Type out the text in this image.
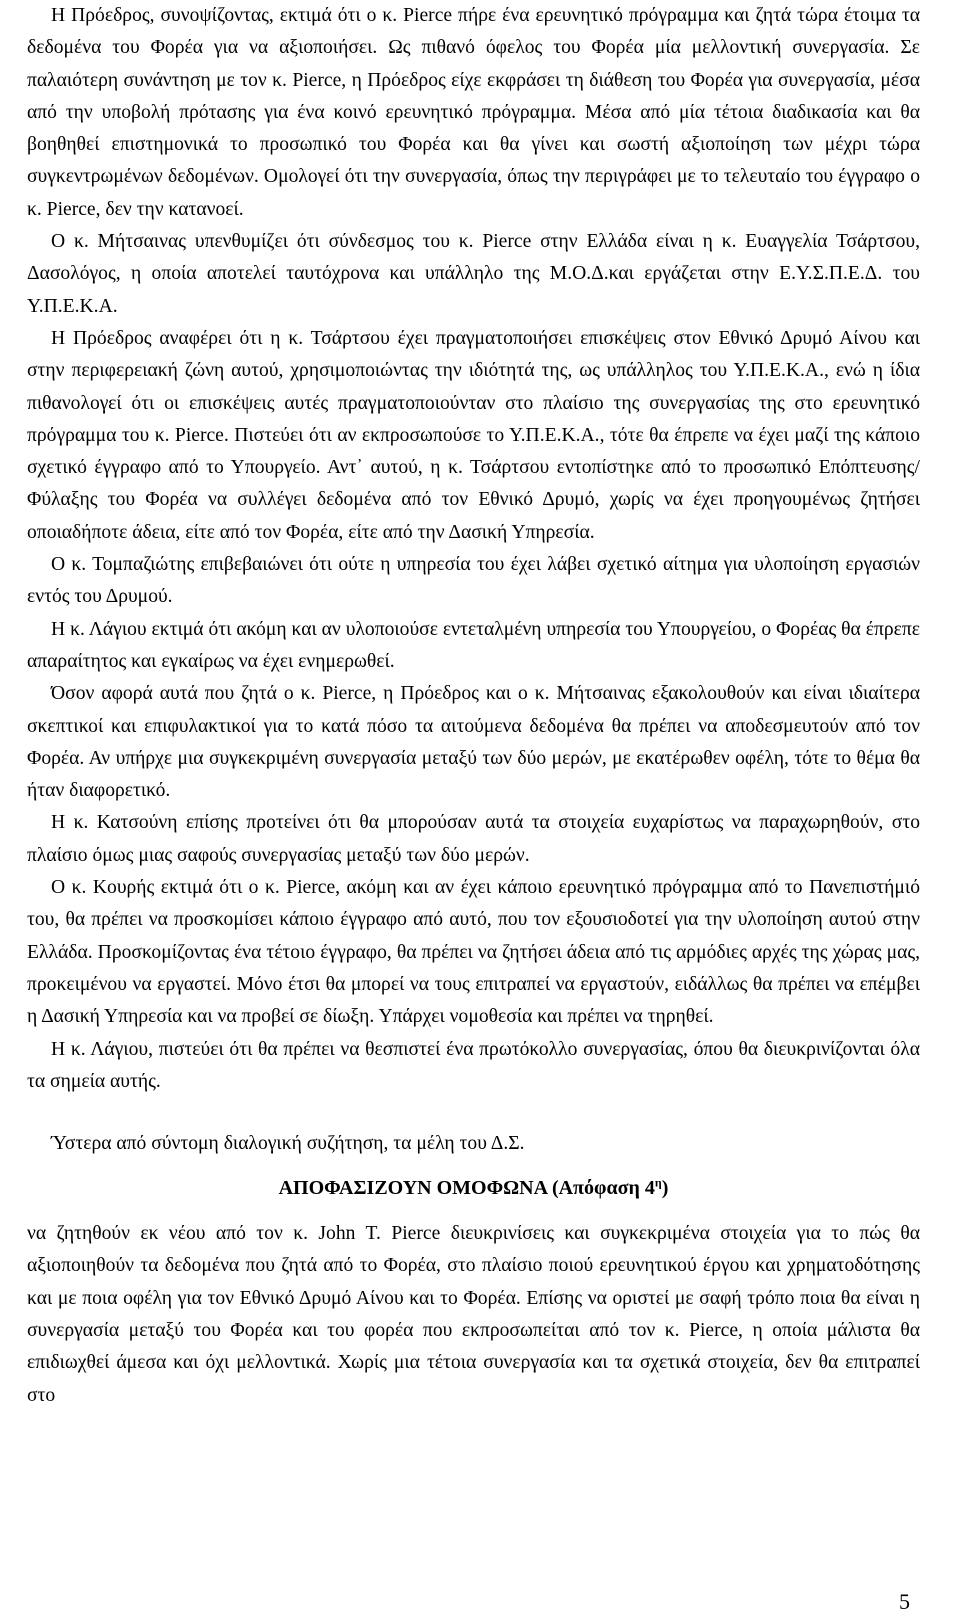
Η Πρόεδρος, συνοψίζοντας, εκτιμά ότι ο κ. Pierce πήρε ένα ερευνητικό πρόγραμμα και ζητά τώρα έτοιμα τα δεδομένα του Φορέα για να αξιοποιήσει. Ως πιθανό όφελος του Φορέα μία μελλοντική συνεργασία. Σε παλαιότερη συνάντηση με τον κ. Pierce, η Πρόεδρος είχε εκφράσει τη διάθεση του Φορέα για συνεργασία, μέσα από την υποβολή πρότασης για ένα κοινό ερευνητικό πρόγραμμα. Μέσα από μία τέτοια διαδικασία και θα βοηθηθεί επιστημονικά το προσωπικό του Φορέα και θα γίνει και σωστή αξιοποίηση των μέχρι τώρα συγκεντρωμένων δεδομένων. Ομολογεί ότι την συνεργασία, όπως την περιγράφει με το τελευταίο του έγγραφο ο κ. Pierce, δεν την κατανοεί.

Ο κ. Μήτσαινας υπενθυμίζει ότι σύνδεσμος του κ. Pierce στην Ελλάδα είναι η κ. Ευαγγελία Τσάρτσου, Δασολόγος, η οποία αποτελεί ταυτόχρονα και υπάλληλο της Μ.Ο.Δ.και εργάζεται στην Ε.Υ.Σ.Π.Ε.Δ. του Υ.Π.Ε.Κ.Α.

Η Πρόεδρος αναφέρει ότι η κ. Τσάρτσου έχει πραγματοποιήσει επισκέψεις στον Εθνικό Δρυμό Αίνου και στην περιφερειακή ζώνη αυτού, χρησιμοποιώντας την ιδιότητά της, ως υπάλληλος του Υ.Π.Ε.Κ.Α., ενώ η ίδια πιθανολογεί ότι οι επισκέψεις αυτές πραγματοποιούνταν στο πλαίσιο της συνεργασίας της στο ερευνητικό πρόγραμμα του κ. Pierce. Πιστεύει ότι αν εκπροσωπούσε το Υ.Π.Ε.Κ.Α., τότε θα έπρεπε να έχει μαζί της κάποιο σχετικό έγγραφο από το Υπουργείο. Αντ᾽ αυτού, η κ. Τσάρτσου εντοπίστηκε από το προσωπικό Επόπτευσης/Φύλαξης του Φορέα να συλλέγει δεδομένα από τον Εθνικό Δρυμό, χωρίς να έχει προηγουμένως ζητήσει οποιαδήποτε άδεια, είτε από τον Φορέα, είτε από την Δασική Υπηρεσία.

Ο κ. Τομπαζιώτης επιβεβαιώνει ότι ούτε η υπηρεσία του έχει λάβει σχετικό αίτημα για υλοποίηση εργασιών εντός του Δρυμού.

Η κ. Λάγιου εκτιμά ότι ακόμη και αν υλοποιούσε εντεταλμένη υπηρεσία του Υπουργείου, ο Φορέας θα έπρεπε απαραίτητος και εγκαίρως να έχει ενημερωθεί.

Όσον αφορά αυτά που ζητά ο κ. Pierce, η Πρόεδρος και ο κ. Μήτσαινας εξακολουθούν και είναι ιδιαίτερα σκεπτικοί και επιφυλακτικοί για το κατά πόσο τα αιτούμενα δεδομένα θα πρέπει να αποδεσμευτούν από τον Φορέα. Αν υπήρχε μια συγκεκριμένη συνεργασία μεταξύ των δύο μερών, με εκατέρωθεν οφέλη, τότε το θέμα θα ήταν διαφορετικό.

Η κ. Κατσούνη επίσης προτείνει ότι θα μπορούσαν αυτά τα στοιχεία ευχαρίστως να παραχωρηθούν, στο πλαίσιο όμως μιας σαφούς συνεργασίας μεταξύ των δύο μερών.

Ο κ. Κουρής εκτιμά ότι ο κ. Pierce, ακόμη και αν έχει κάποιο ερευνητικό πρόγραμμα από το Πανεπιστήμιό του, θα πρέπει να προσκομίσει κάποιο έγγραφο από αυτό, που τον εξουσιοδοτεί για την υλοποίηση αυτού στην Ελλάδα. Προσκομίζοντας ένα τέτοιο έγγραφο, θα πρέπει να ζητήσει άδεια από τις αρμόδιες αρχές της χώρας μας, προκειμένου να εργαστεί. Μόνο έτσι θα μπορεί να τους επιτραπεί να εργαστούν, ειδάλλως θα πρέπει να επέμβει η Δασική Υπηρεσία και να προβεί σε δίωξη. Υπάρχει νομοθεσία και πρέπει να τηρηθεί.

Η κ. Λάγιου, πιστεύει ότι θα πρέπει να θεσπιστεί ένα πρωτόκολλο συνεργασίας, όπου θα διευκρινίζονται όλα τα σημεία αυτής.

Ύστερα από σύντομη διαλογική συζήτηση, τα μέλη του Δ.Σ.

ΑΠΟΦΑΣΙΖΟΥΝ ΟΜΟΦΩΝΑ (Απόφαση $4^\eta$)

να ζητηθούν εκ νέου από τον κ. John T. Pierce διευκρινίσεις και συγκεκριμένα στοιχεία για το πώς θα αξιοποιηθούν τα δεδομένα που ζητά από το Φορέα, στο πλαίσιο ποιού ερευνητικού έργου και χρηματοδότησης και με ποια οφέλη για τον Εθνικό Δρυμό Αίνου και το Φορέα. Επίσης να οριστεί με σαφή τρόπο ποια θα είναι η συνεργασία μεταξύ του Φορέα και του φορέα που εκπροσωπείται από τον κ. Pierce, η οποία μάλιστα θα επιδιωχθεί άμεσα και όχι μελλοντικά. Χωρίς μια τέτοια συνεργασία και τα σχετικά στοιχεία, δεν θα επιτραπεί στο

5
